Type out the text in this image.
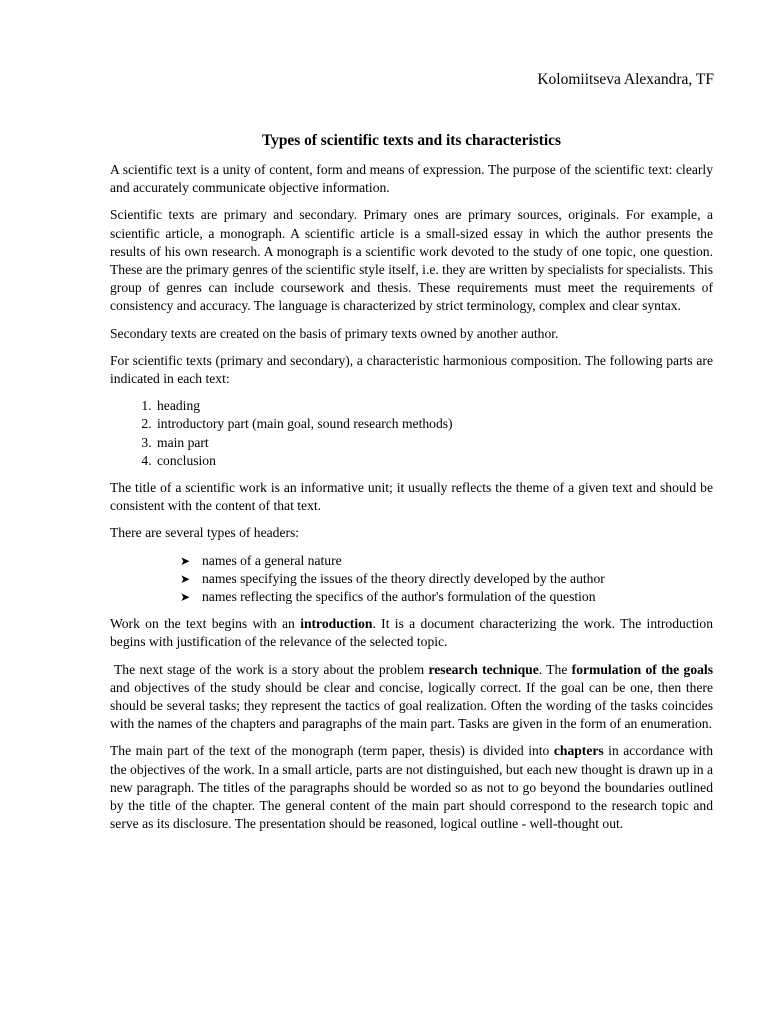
Kolomiitseva Alexandra, TF

Types of scientific texts and its characteristics

A scientific text is a unity of content, form and means of expression. The purpose of the scientific text: clearly and accurately communicate objective information.

Scientific texts are primary and secondary. Primary ones are primary sources, originals. For example, a scientific article, a monograph. A scientific article is a small-sized essay in which the author presents the results of his own research. A monograph is a scientific work devoted to the study of one topic, one question. These are the primary genres of the scientific style itself, i.e. they are written by specialists for specialists. This group of genres can include coursework and thesis. These requirements must meet the requirements of consistency and accuracy. The language is characterized by strict terminology, complex and clear syntax.

Secondary texts are created on the basis of primary texts owned by another author.

For scientific texts (primary and secondary), a characteristic harmonious composition. The following parts are indicated in each text:

1. heading
2. introductory part (main goal, sound research methods)
3. main part
4. conclusion

The title of a scientific work is an informative unit; it usually reflects the theme of a given text and should be consistent with the content of that text.

There are several types of headers:

➤ names of a general nature
➤ names specifying the issues of the theory directly developed by the author
➤ names reflecting the specifics of the author's formulation of the question

Work on the text begins with an introduction. It is a document characterizing the work. The introduction begins with justification of the relevance of the selected topic.

The next stage of the work is a story about the problem research technique. The formulation of the goals and objectives of the study should be clear and concise, logically correct. If the goal can be one, then there should be several tasks; they represent the tactics of goal realization. Often the wording of the tasks coincides with the names of the chapters and paragraphs of the main part. Tasks are given in the form of an enumeration.

The main part of the text of the monograph (term paper, thesis) is divided into chapters in accordance with the objectives of the work. In a small article, parts are not distinguished, but each new thought is drawn up in a new paragraph. The titles of the paragraphs should be worded so as not to go beyond the boundaries outlined by the title of the chapter. The general content of the main part should correspond to the research topic and serve as its disclosure. The presentation should be reasoned, logical outline - well-thought out.
